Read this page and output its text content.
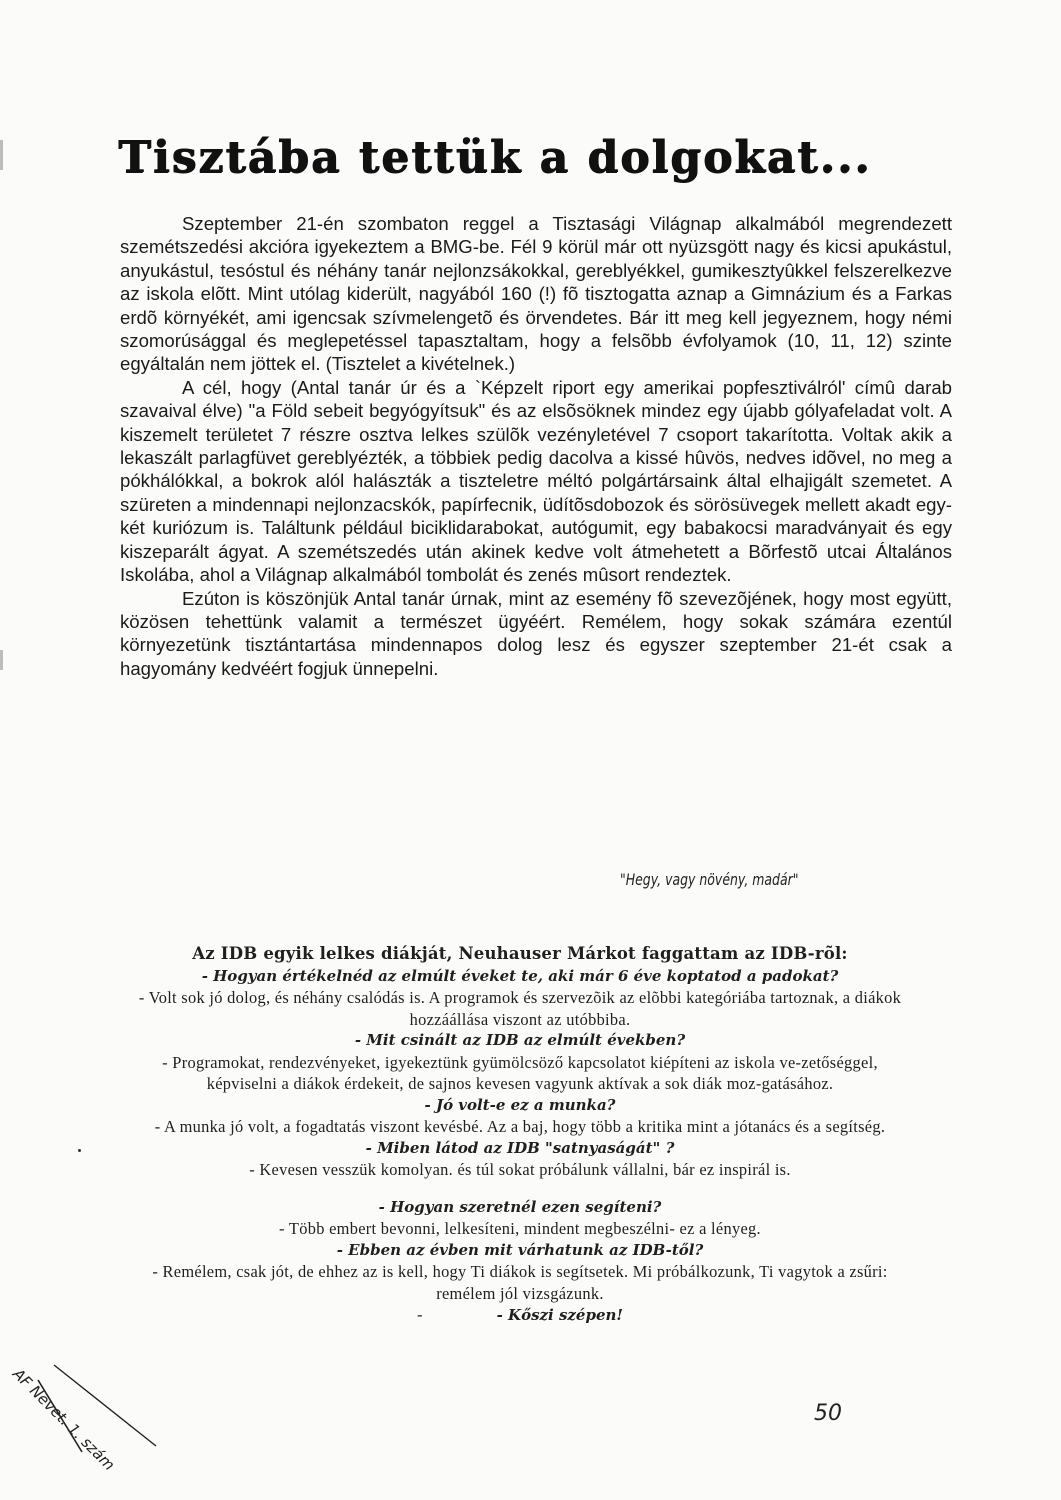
Tisztába tettük a dolgokat...

Szeptember 21-én szombaton reggel a Tisztasági Világnap alkalmából megrendezett szemétszedési akcióra igyekeztem a BMG-be. Fél 9 körül már ott nyüzsgött nagy és kicsi apukástul, anyukástul, tesóstul és néhány tanár nejlonzsákokkal, gereblyékkel, gumikesztyûkkel felszerelkezve az iskola elõtt. Mint utólag kiderült, nagyából 160 (!) fõ tisztogatta aznap a Gimnázium és a Farkas erdõ környékét, ami igencsak szívmelengetõ és örvendetes. Bár itt meg kell jegyeznem, hogy némi szomorúsággal és meglepetéssel tapasztaltam, hogy a felsõbb évfolyamok (10, 11, 12) szinte egyáltalán nem jöttek el. (Tisztelet a kivételnek.)

A cél, hogy (Antal tanár úr és a `Képzelt riport egy amerikai popfesztiválról' címû darab szavaival élve) "a Föld sebeit begyógyítsuk" és az elsõsöknek mindez egy újabb gólyafeladat volt. A kiszemelt területet 7 részre osztva lelkes szülõk vezényletével 7 csoport takarította. Voltak akik a lekaszált parlagfüvet gereblyézték, a többiek pedig dacolva a kissé hûvös, nedves idõvel, no meg a pókhálókkal, a bokrok alól halászták a tiszteletre méltó polgártársaink által elhajigált szemetet. A szüreten a mindennapi nejlonzacskók, papírfecnik, üdítõsdobozok és sörösüvegek mellett akadt egy-két kuriózum is. Találtunk például biciklidarabokat, autógumit, egy babakocsi maradványait és egy kiszeparált ágyat. A szemétszedés után akinek kedve volt átmehetett a Bõrfestõ utcai Általános Iskolába, ahol a Világnap alkalmából tombolát és zenés mûsort rendeztek.

Ezúton is köszönjük Antal tanár úrnak, mint az esemény fõ szevezõjének, hogy most együtt, közösen tehettünk valamit a természet ügyéért. Remélem, hogy sokak számára ezentúl környezetünk tisztántartása mindennapos dolog lesz és egyszer szeptember 21-ét csak a hagyomány kedvéért fogjuk ünnepelni.

"Hegy, vagy növény, madár"
Az IDB egyik lelkes diákját, Neuhauser Márkot faggattam az IDB-rõl:
- Hogyan értékelnéd az elmúlt éveket te, aki már 6 éve koptatod a padokat?
- Volt sok jó dolog, és néhány csalódás is. A programok és szervezõik az elõbbi kategóriába tartoznak, a diákok hozzáállása viszont az utóbbiba.
- Mit csinált az IDB az elmúlt években?
- Programokat, rendezvényeket, igyekeztünk gyümölcsöző kapcsolatot kiépíteni az iskola ve-zetőséggel, képviselni a diákok érdekeit, de sajnos kevesen vagyunk aktívak a sok diák moz-gatásához.
- Jó volt-e ez a munka?
- A munka jó volt, a fogadtatás viszont kevésbé. Az a baj, hogy több a kritika mint a jótanács és a segítség.
- Miben látod az IDB "satnyaságát" ?
- Kevesen vesszük komolyan. és túl sokat próbálunk vállalni, bár ez inspirál is.
- Hogyan szeretnél ezen segíteni?
- Több embert bevonni, lelkesíteni, mindent megbeszélni- ez a lényeg.
- Ebben az évben mit várhatunk az IDB-től?
- Remélem, csak jót, de ehhez az is kell, hogy Ti diákok is segítsetek. Mi próbálkozunk, Ti vagytok a zsűri: remélem jól vizsgázunk.
-	- Kőszi szépen!
50
AF Nevet. 1. szám
